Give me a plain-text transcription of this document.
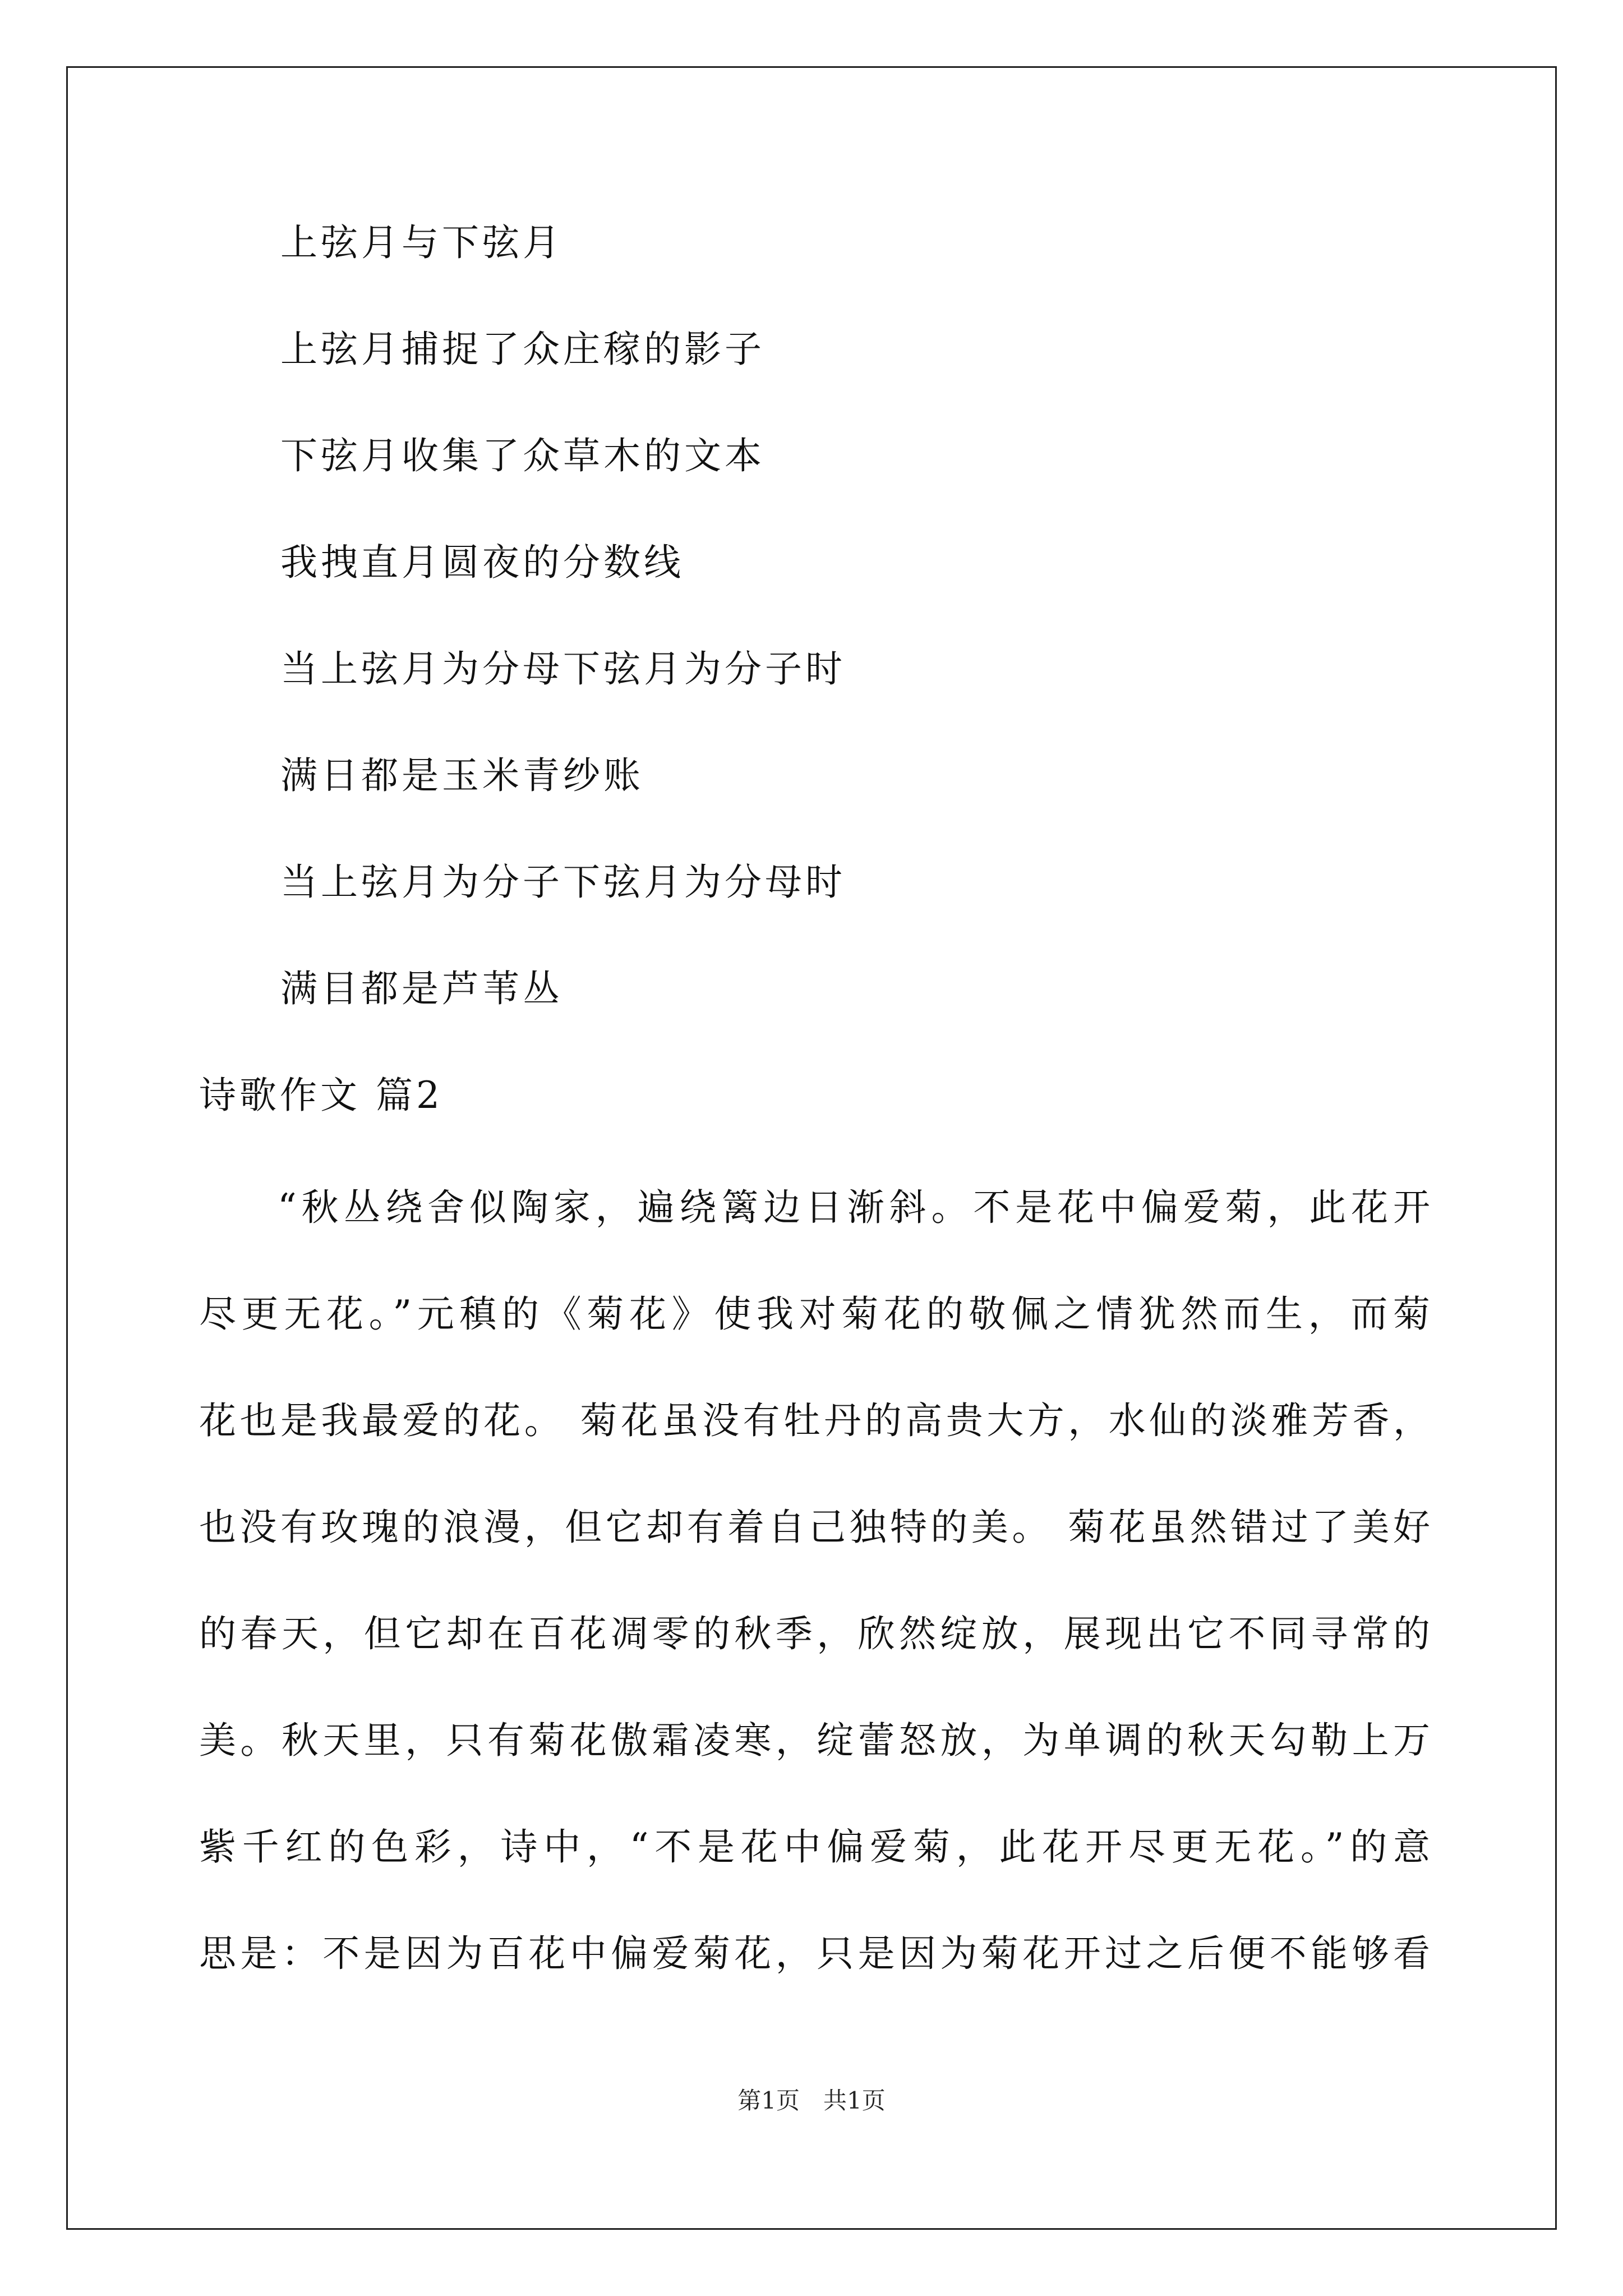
上弦月与下弦月
上弦月捕捉了众庄稼的影子
下弦月收集了众草木的文本
我拽直月圆夜的分数线
当上弦月为分母下弦月为分子时
满日都是玉米青纱账
当上弦月为分子下弦月为分母时
满目都是芦苇丛
诗歌作文 篇2
“秋丛绕舍似陶家，遍绕篱边日渐斜。不是花中偏爱菊，此花开
尽更无花。”元稹的《菊花》使我对菊花的敬佩之情犹然而生，而菊
花也是我最爱的花。 菊花虽没有牡丹的高贵大方，水仙的淡雅芳香，
也没有玫瑰的浪漫，但它却有着自己独特的美。 菊花虽然错过了美好
的春天，但它却在百花凋零的秋季，欣然绽放，展现出它不同寻常的
美。秋天里，只有菊花傲霜凌寒，绽蕾怒放，为单调的秋天勾勒上万
紫千红的色彩，诗中，“不是花中偏爱菊，此花开尽更无花。”的意
思是：不是因为百花中偏爱菊花，只是因为菊花开过之后便不能够看
第1页　共1页
